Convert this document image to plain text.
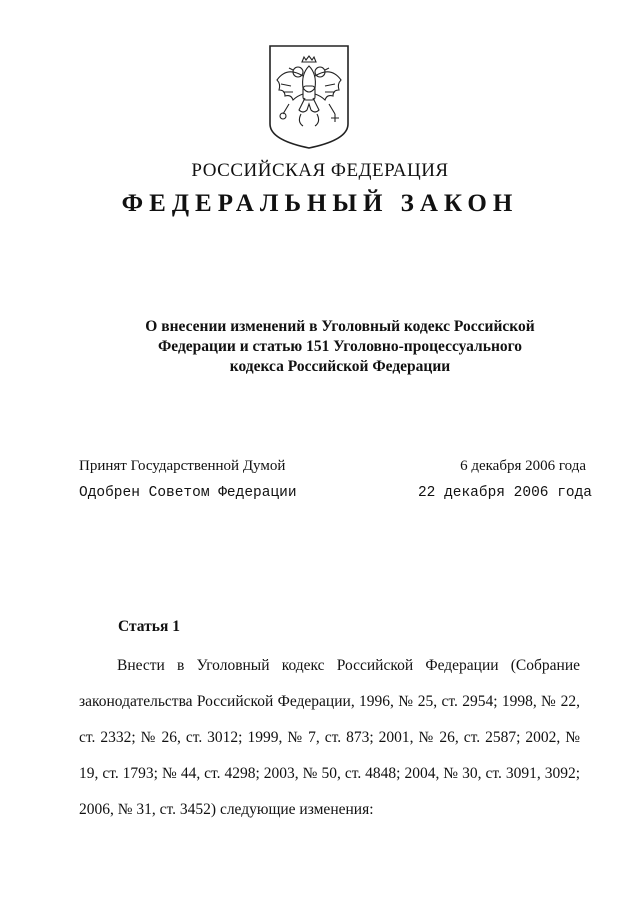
РОССИЙСКАЯ ФЕДЕРАЦИЯ
ФЕДЕРАЛЬНЫЙ ЗАКОН
О внесении изменений в Уголовный кодекс Российской Федерации и статью 151 Уголовно-процессуального кодекса Российской Федерации
Принят Государственной Думой	6 декабря 2006 года
Одобрен Советом Федерации	22 декабря 2006 года
Статья 1
Внести в Уголовный кодекс Российской Федерации (Собрание законодательства Российской Федерации, 1996, № 25, ст. 2954; 1998, № 22, ст. 2332; № 26, ст. 3012; 1999, № 7, ст. 873; 2001, № 26, ст. 2587; 2002, № 19, ст. 1793; № 44, ст. 4298; 2003, № 50, ст. 4848; 2004, № 30, ст. 3091, 3092; 2006, № 31, ст. 3452) следующие изменения:
